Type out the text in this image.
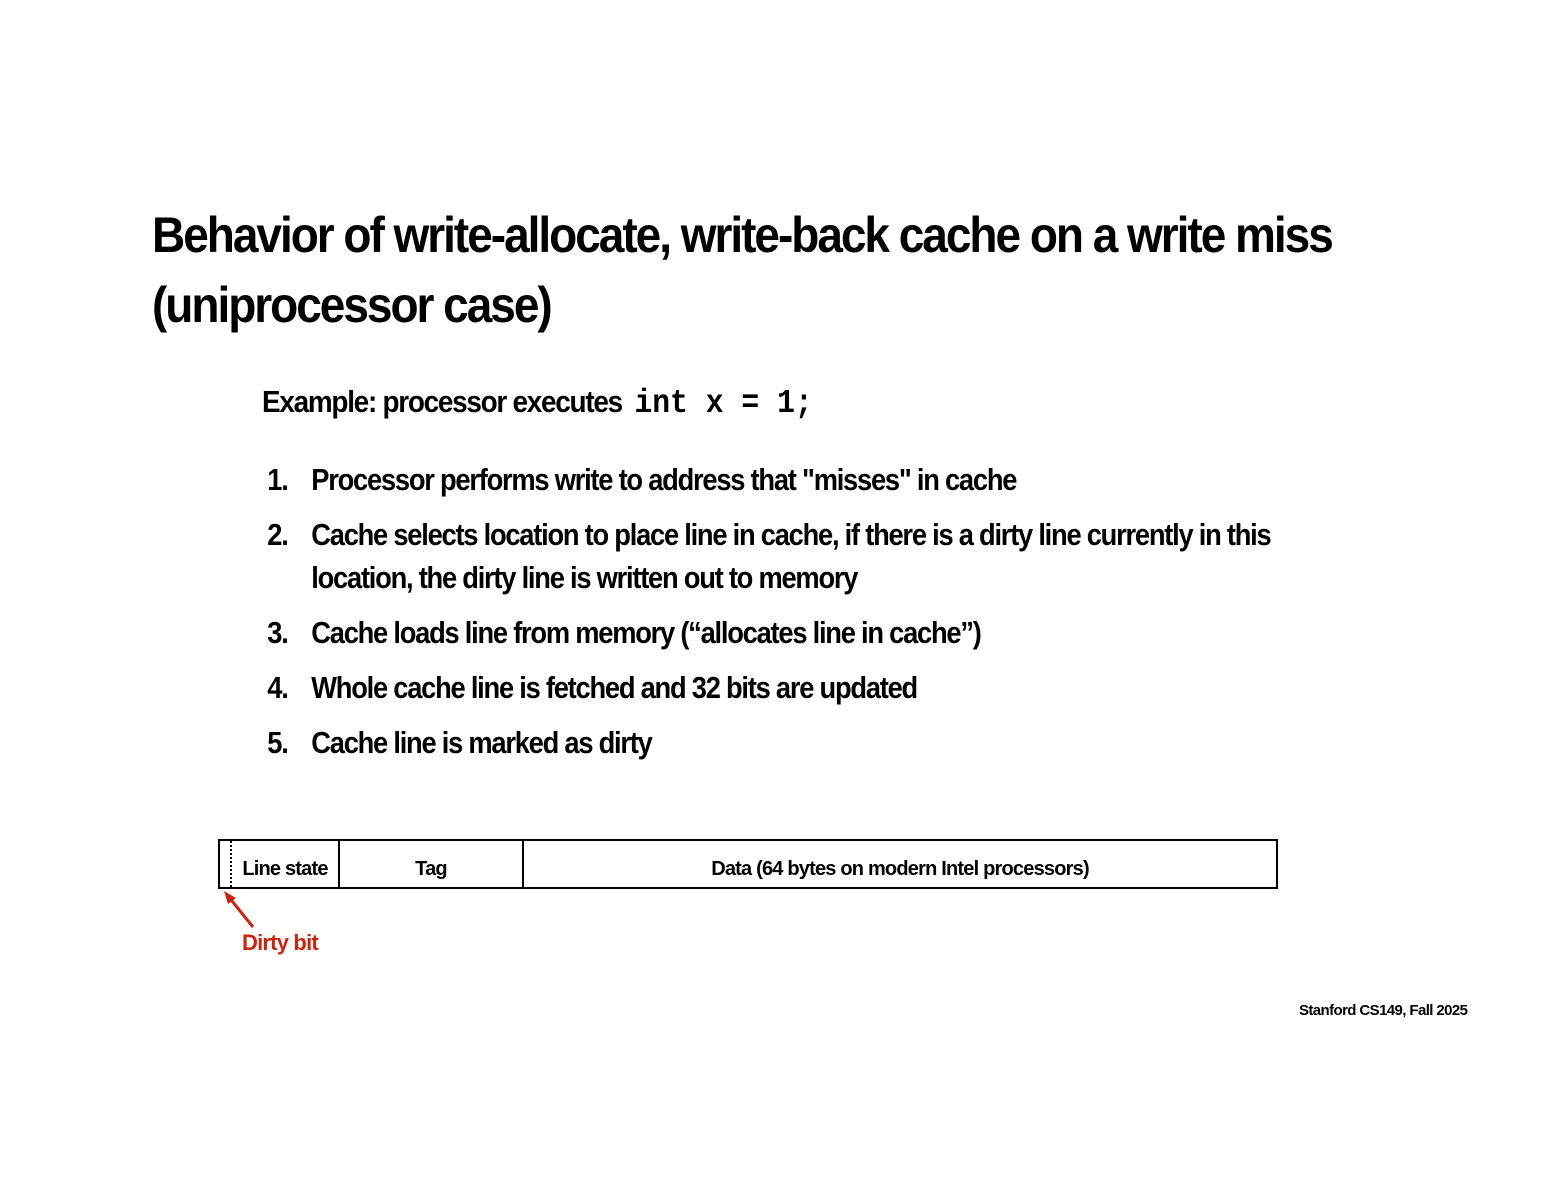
Behavior of write-allocate, write-back cache on a write miss
(uniprocessor case)
Example: processor executes int x = 1;
1. Processor performs write to address that "misses" in cache
2. Cache selects location to place line in cache, if there is a dirty line currently in this location, the dirty line is written out to memory
3. Cache loads line from memory (“allocates line in cache”)
4. Whole cache line is fetched and 32 bits are updated
5. Cache line is marked as dirty
Line state	Tag	Data (64 bytes on modern Intel processors)
Dirty bit
Stanford CS149, Fall 2025
